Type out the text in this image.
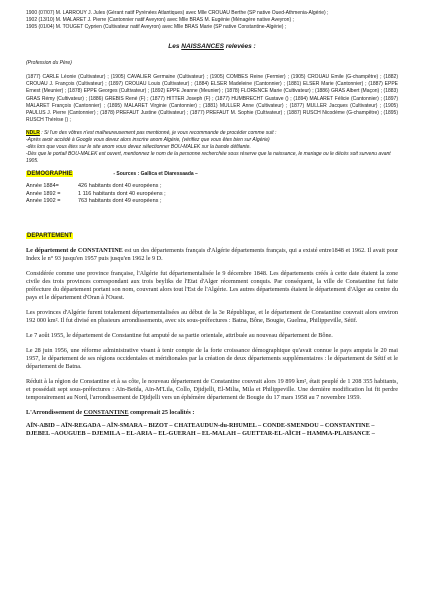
1900 (07/07) M. LARROUY J. Jules (Gérant natif Pyrénées Atlantiques) avec Mlle CROUAU Berthe (SP native Oued-Athmenia-Algérie) ;

1902 (13/10) M. MALARET J. Pierre (Cantonnier natif Aveyron) avec Mlle BRAS M. Eugénie (Ménagère native Aveyron) ;

1905 (01/04) M. TOUGET Cyprien (Cultivateur natif Aveyron) avec Mlle BRAS Marie (SP native Constantine-Algérie) ;

Les NAISSANCES relevées :

(Profession du Père)

(1877) CARLE Léonie (Cultivateur) ; (1905) CAVALIER Germaine (Cultivateur) ; (1905) COMBES Reine (Fermier) ; (1905) CROUAU Emile (G-champêtre) ; (1882) CROUAU J. François (Cultivateur) ; (1897) CROUAU Louis (Cultivateur) ; (1884) ELSER Madeleine (Cantonnier) ; (1881) ELSER Marie (Cantonnier) ; (1887) EPPE Ernest (Meunier) ; (1878) EPPE Georges (Cultivateur) ; (1892) EPPE Jeanne (Meunier) ; (1878) FLORENCE Marie (Cultivateur) ; (1886) GRAS Albert (Maçon) ; (1883) GRAS Rémy (Cultivateur) ; (1886) GREBIS René (F) ; (1877) HITTER Joseph (F) ; (1877) HUMBRECHT Gustave () ; (1894) MALARET Félicie (Cantonnier) ; (1897) MALARET François (Cantonnier) ; (1895) MALARET Virginie (Cantonnier) ; (1881) MULLER Anne (Cultivateur) ; (1877) MULLER Jacques (Cultivateur) ; (1905) PAULUS J. Pierre (Cantonnier) ; (1878) PREFAUT Justine (Cultivateur) ; (1877) PREFAUT M. Sophie (Cultivateur) ; (1887) RUSCH Nicodème (G-champêtre) ; (1895) RUSCH Thérèse () ;

NDLR : Si l'un des vôtres n'est malheureusement pas mentionné, je vous recommande de procéder comme suit :
-Après avoir accédé à Google vous devez alors inscrire anom Algérie, (vérifiez que vous êtes bien sur Algérie)
-dès lors que vous êtes sur le site anom vous devez sélectionner BOU-MALEK sur la bande défilante.
-Dès que le portail BOU-MALEK est ouvert, mentionnez le nom de la personne recherchée sous réserve que la naissance, le mariage ou le décès soit survenu avant 1905.

DEMOGRAPHIE	- Sources : Gallica et Diaressaada –
Année 1884=	426 habitants dont 40 européens ;
Année 1892 =	1 116 habitants dont 40 européens ;
Année 1902 =	763 habitants dont 49 européens ;
DEPARTEMENT

Le département de CONSTANTINE est un des départements français d'Algérie départements français, qui a existé entre1848 et 1962. Il avait pour Index le n° 93 jusqu'en 1957 puis jusqu'en 1962 le 9 D.

Considérée comme une province française, l'Algérie fut départementalisée le 9 décembre 1848. Les départements créés à cette date étaient la zone civile des trois provinces correspondant aux trois beyliks de l'Etat d'Alger récemment conquis. Par conséquent, la ville de Constantine fut faite préfecture du département portant son nom, couvrant alors tout l'Est de l'Algérie. Les autres départements étaient le département d'Alger au centre du pays et le département d'Oran à l'Ouest.

Les provinces d'Algérie furent totalement départementalisées au début de la 3e République, et le département de Constantine couvrait alors environ 192 000 km². Il fut divisé en plusieurs arrondissements, avec six sous-préfectures : Batna, Bône, Bougie, Guelma, Philippeville, Sétif.

Le 7 août 1955, le département de Constantine fut amputé de sa partie orientale, attribuée au nouveau département de Bône.

Le 28 juin 1956, une réforme administrative visant à tenir compte de la forte croissance démographique qu'avait connue le pays amputa le 20 mai 1957, le département de ses régions occidentales et méridionales par la création de deux départements supplémentaires : le département de Sétif et le département de Batna.

Réduit à la région de Constantine et à sa côte, le nouveau département de Constantine couvrait alors 19 899 km², était peuplé de 1 208 355 habitants, et possédait sept sous-préfectures : Aïn-Beïda, Aïn-M'Lila, Collo, Djidjelli, El-Milia, Mila et Philippeville. Une dernière modification lui fit perdre temporairement au Nord, l'arrondissement de Djidjelli vers un éphémère département de Bougie du 17 mars 1958 au 7 novembre 1959.

L'Arrondissement de CONSTANTINE comprenait 25 localités :

AÏN-ABID – AÏN-REGADA – AÏN-SMARA – BIZOT – CHATEAUDUN-du-RHUMEL – CONDE-SMENDOU – CONSTANTINE – DJEBEL –AOUGUEB – DJEMILA – EL-ARIA – EL-GUERAH – EL-MALAH – GUETTAR-EL-AÏCH – HAMMA-PLAISANCE –
